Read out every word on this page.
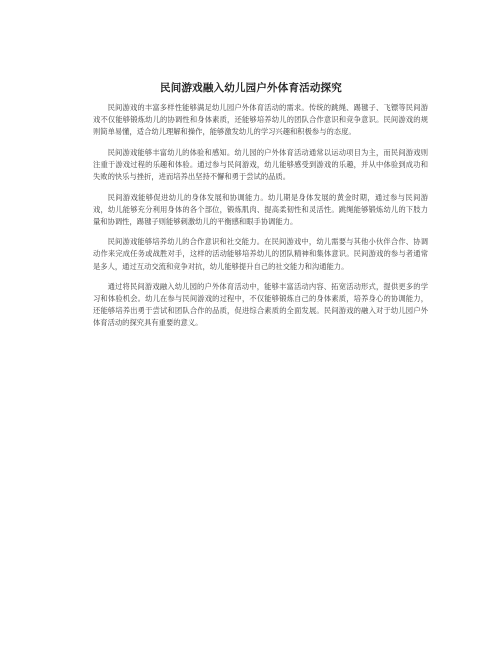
民间游戏融入幼儿园户外体育活动探究

民间游戏的丰富多样性能够满足幼儿园户外体育活动的需求。传统的跳绳、踢毽子、飞镖等民间游戏不仅能够锻炼幼儿的协调性和身体素质，还能够培养幼儿的团队合作意识和竞争意识。民间游戏的规则简单易懂，适合幼儿理解和操作，能够激发幼儿的学习兴趣和积极参与的态度。

民间游戏能够丰富幼儿的体验和感知。幼儿园的户外体育活动通常以运动项目为主，而民间游戏则注重于游戏过程的乐趣和体验。通过参与民间游戏，幼儿能够感受到游戏的乐趣，并从中体验到成功和失败的快乐与挫折，进而培养出坚持不懈和勇于尝试的品质。

民间游戏能够促进幼儿的身体发展和协调能力。幼儿期是身体发展的黄金时期，通过参与民间游戏，幼儿能够充分利用身体的各个部位，锻炼肌肉、提高柔韧性和灵活性。跳绳能够锻炼幼儿的下肢力量和协调性，踢毽子则能够刺激幼儿的平衡感和眼手协调能力。

民间游戏能够培养幼儿的合作意识和社交能力。在民间游戏中，幼儿需要与其他小伙伴合作、协调动作来完成任务或战胜对手，这样的活动能够培养幼儿的团队精神和集体意识。民间游戏的参与者通常是多人，通过互动交流和竞争对抗，幼儿能够提升自己的社交能力和沟通能力。

通过将民间游戏融入幼儿园的户外体育活动中，能够丰富活动内容、拓宽活动形式，提供更多的学习和体验机会。幼儿在参与民间游戏的过程中，不仅能够锻炼自己的身体素质，培养身心的协调能力，还能够培养出勇于尝试和团队合作的品质，促进综合素质的全面发展。民间游戏的融入对于幼儿园户外体育活动的探究具有重要的意义。
